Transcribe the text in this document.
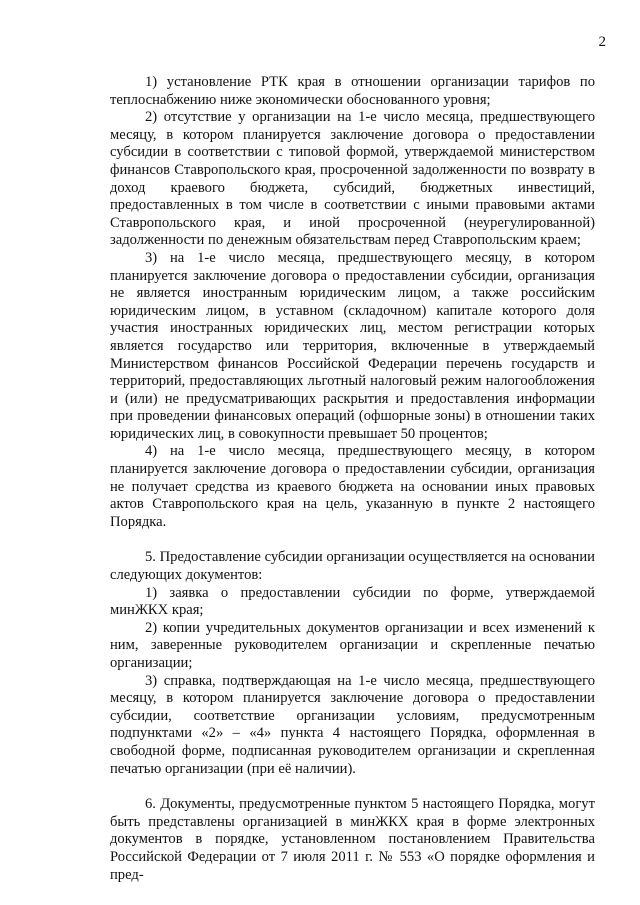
2

1) установление РТК края в отношении организации тарифов по теплоснабжению ниже экономически обоснованного уровня;

2) отсутствие у организации на 1-е число месяца, предшествующего месяцу, в котором планируется заключение договора о предоставлении субсидии в соответствии с типовой формой, утверждаемой министерством финансов Ставропольского края, просроченной задолженности по возврату в доход краевого бюджета, субсидий, бюджетных инвестиций, предоставленных в том числе в соответствии с иными правовыми актами Ставропольского края, и иной просроченной (неурегулированной) задолженности по денежным обязательствам перед Ставропольским краем;

3) на 1-е число месяца, предшествующего месяцу, в котором планируется заключение договора о предоставлении субсидии, организация не является иностранным юридическим лицом, а также российским юридическим лицом, в уставном (складочном) капитале которого доля участия иностранных юридических лиц, местом регистрации которых является государство или территория, включенные в утверждаемый Министерством финансов Российской Федерации перечень государств и территорий, предоставляющих льготный налоговый режим налогообложения и (или) не предусматривающих раскрытия и предоставления информации при проведении финансовых операций (офшорные зоны) в отношении таких юридических лиц, в совокупности превышает 50 процентов;

4) на 1-е число месяца, предшествующего месяцу, в котором планируется заключение договора о предоставлении субсидии, организация не получает средства из краевого бюджета на основании иных правовых актов Ставропольского края на цель, указанную в пункте 2 настоящего Порядка.

5. Предоставление субсидии организации осуществляется на основании следующих документов:

1) заявка о предоставлении субсидии по форме, утверждаемой минЖКХ края;

2) копии учредительных документов организации и всех изменений к ним, заверенные руководителем организации и скрепленные печатью организации;

3) справка, подтверждающая на 1-е число месяца, предшествующего месяцу, в котором планируется заключение договора о предоставлении субсидии, соответствие организации условиям, предусмотренным подпунктами «2» – «4» пункта 4 настоящего Порядка, оформленная в свободной форме, подписанная руководителем организации и скрепленная печатью организации (при её наличии).

6. Документы, предусмотренные пунктом 5 настоящего Порядка, могут быть представлены организацией в минЖКХ края в форме электронных документов в порядке, установленном постановлением Правительства Российской Федерации от 7 июля 2011 г. № 553 «О порядке оформления и пред-
